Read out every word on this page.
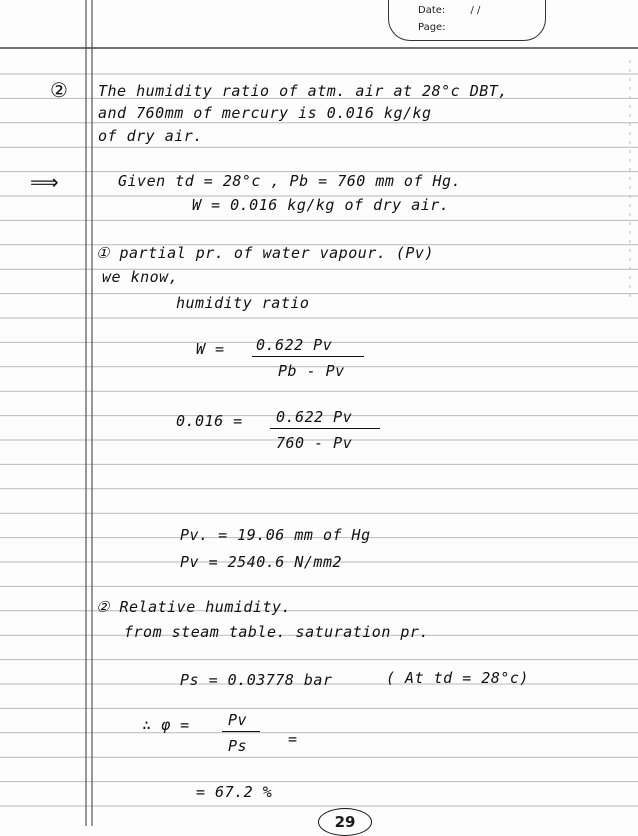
Date:	/ /
Page:
② The humidity ratio of atm. air at 28°c DBT,
and 760mm of mercury is 0.016 kg/kg
of dry air.
⟹	Given td = 28°c , Pb = 760 mm of Hg.
W = 0.016 kg/kg of dry air.
① partial pr. of water vapour. (Pv)
we know,
humidity ratio
W = 0.622 Pv
Pb - Pv
0.016 = 0.622 Pv
760 - Pv
Pv. = 19.06 mm of Hg
Pv = 2540.6 N/mm2
② Relative humidity.
from steam table. saturation pr.
Ps = 0.03778 bar	( At td = 28°c)
∴ φ =	Pv
Ps	=
= 67.2 %
29
